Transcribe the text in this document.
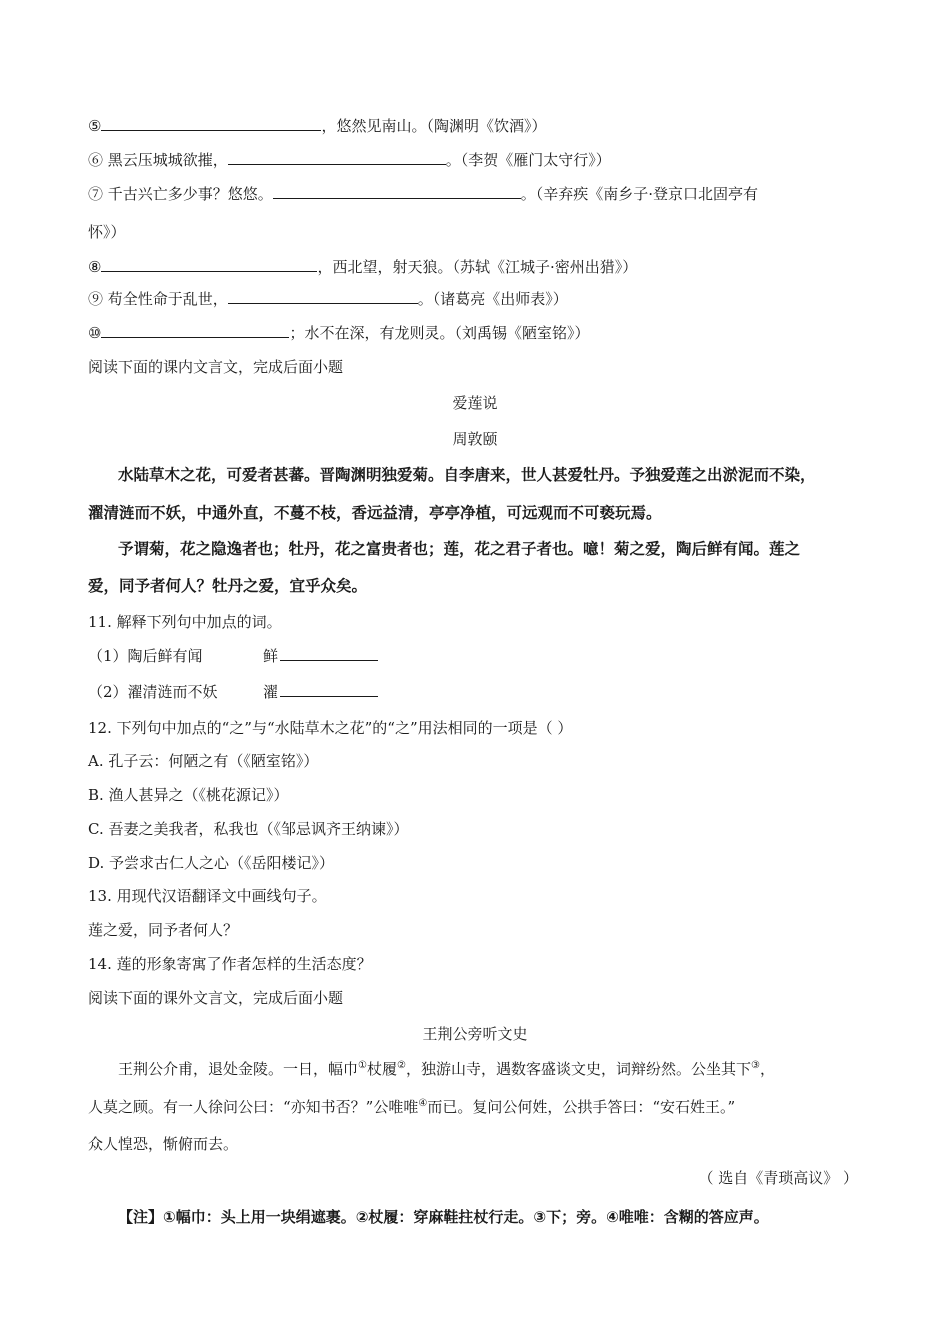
⑤	，悠然见南山。（陶渊明《饮酒》）
⑥ 黑云压城城欲摧，	。（李贺《雁门太守行》）
⑦ 千古兴亡多少事？悠悠。	。（辛弃疾《南乡子·登京口北固亭有
怀》）
⑧	，西北望，射天狼。（苏轼《江城子·密州出猎》）
⑨ 苟全性命于乱世，	。（诸葛亮《出师表》）
⑩	；水不在深，有龙则灵。（刘禹锡《陋室铭》）
阅读下面的课内文言文，完成后面小题
爱莲说
周敦颐
水陆草木之花，可爱者甚蕃。晋陶渊明独爱菊。自李唐来，世人甚爱牡丹。予独爱莲之出淤泥而不染，
濯清涟而不妖，中通外直，不蔓不枝，香远益清，亭亭净植，可远观而不可亵玩焉。
予谓菊，花之隐逸者也；牡丹，花之富贵者也；莲，花之君子者也。噫！菊之爱，陶后鲜有闻。莲之
爱，同予者何人？牡丹之爱，宜乎众矣。
11. 解释下列句中加点的词。
（1）陶后鲜有闻	鲜
（2）濯清涟而不妖	濯
12. 下列句中加点的“之”与“水陆草木之花”的“之”用法相同的一项是（ ）
A. 孔子云：何陋之有（《陋室铭》）
B. 渔人甚异之（《桃花源记》）
C. 吾妻之美我者，私我也（《邹忌讽齐王纳谏》）
D. 予尝求古仁人之心（《岳阳楼记》）
13. 用现代汉语翻译文中画线句子。
莲之爱，同予者何人？
14. 莲的形象寄寓了作者怎样的生活态度？
阅读下面的课外文言文，完成后面小题
王荆公旁听文史
王荆公介甫，退处金陵。一日，幅巾①杖履②，独游山寺，遇数客盛谈文史，词辩纷然。公坐其下③，
人莫之顾。有一人徐问公曰：“亦知书否？”公唯唯④而已。复问公何姓，公拱手答曰：“安石姓王。”
众人惶恐，惭俯而去。
（ 选自《青琐高议》 ）
【注】①幅巾：头上用一块绢遮裹。②杖履：穿麻鞋拄杖行走。③下；旁。④唯唯：含糊的答应声。
